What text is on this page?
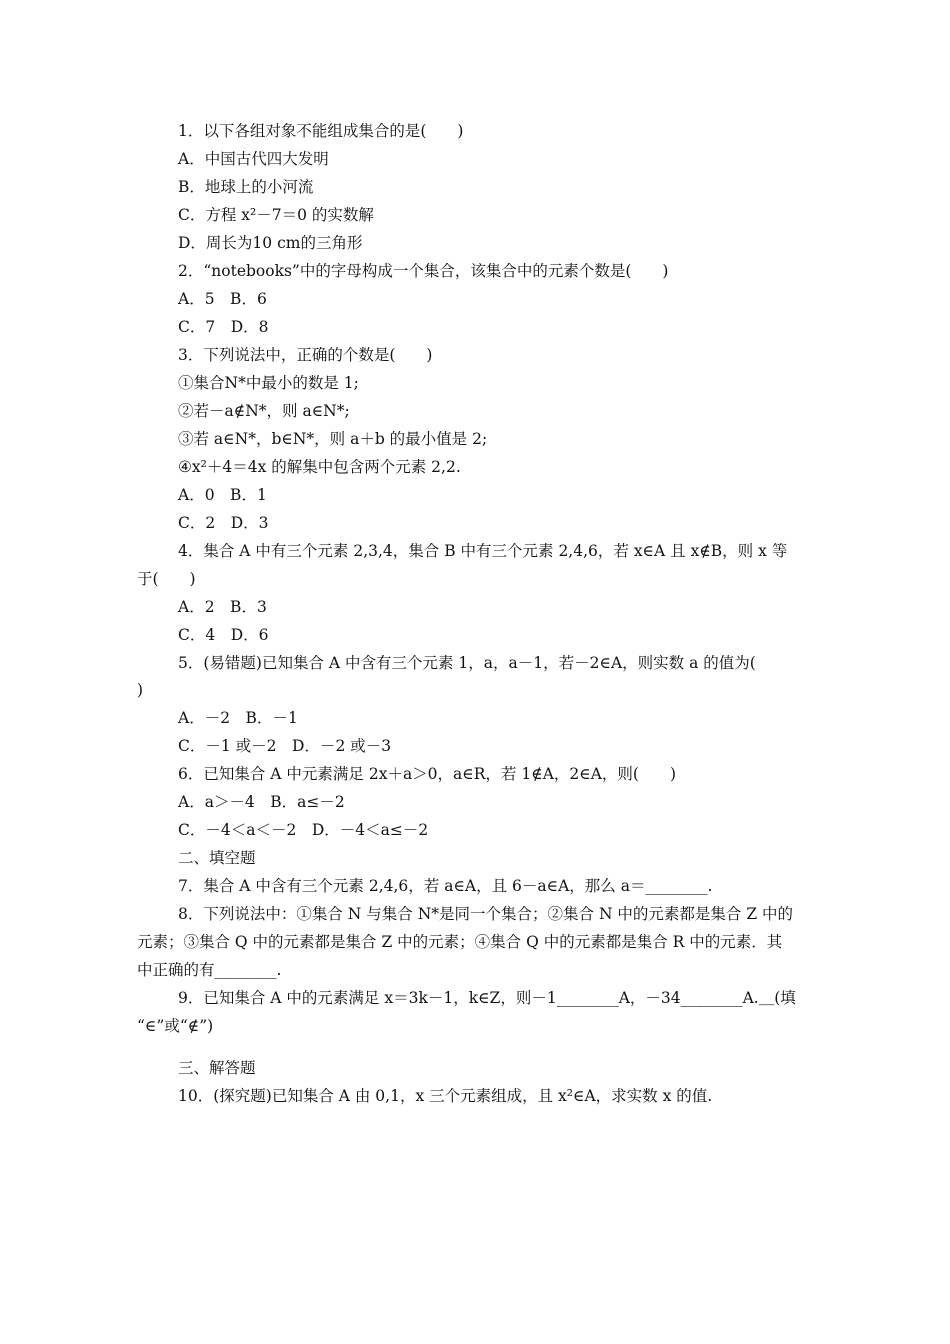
1．以下各组对象不能组成集合的是(　　)
A．中国古代四大发明
B．地球上的小河流
C．方程 x²－7＝0 的实数解
D．周长为10 cm的三角形
2．“notebooks”中的字母构成一个集合，该集合中的元素个数是(　　)
A．5　B．6
C．7　D．8
3．下列说法中，正确的个数是(　　)
①集合N*中最小的数是 1;
②若－a∉N*，则 a∈N*;
③若 a∈N*，b∈N*，则 a＋b 的最小值是 2;
④x²＋4＝4x 的解集中包含两个元素 2,2.
A．0　B．1
C．2　D．3
4．集合 A 中有三个元素 2,3,4，集合 B 中有三个元素 2,4,6，若 x∈A 且 x∉B，则 x 等
于(　　)
A．2　B．3
C．4　D．6
5．(易错题)已知集合 A 中含有三个元素 1，a，a－1，若－2∈A，则实数 a 的值为(
)
A．－2　B．－1
C．－1 或－2　D．－2 或－3
6．已知集合 A 中元素满足 2x＋a＞0，a∈R，若 1∉A，2∈A，则(　　)
A．a＞－4　B．a≤－2
C．－4＜a＜－2　D．－4＜a≤－2
二、填空题
7．集合 A 中含有三个元素 2,4,6，若 a∈A，且 6－a∈A，那么 a＝________.
8．下列说法中：①集合 N 与集合 N*是同一个集合；②集合 N 中的元素都是集合 Z 中的
元素；③集合 Q 中的元素都是集合 Z 中的元素；④集合 Q 中的元素都是集合 R 中的元素．其
中正确的有________.
9．已知集合 A 中的元素满足 x＝3k－1，k∈Z，则－1________A，－34________A.＿(填
“∈”或“∉”)
三、解答题
10．(探究题)已知集合 A 由 0,1，x 三个元素组成，且 x²∈A，求实数 x 的值.
